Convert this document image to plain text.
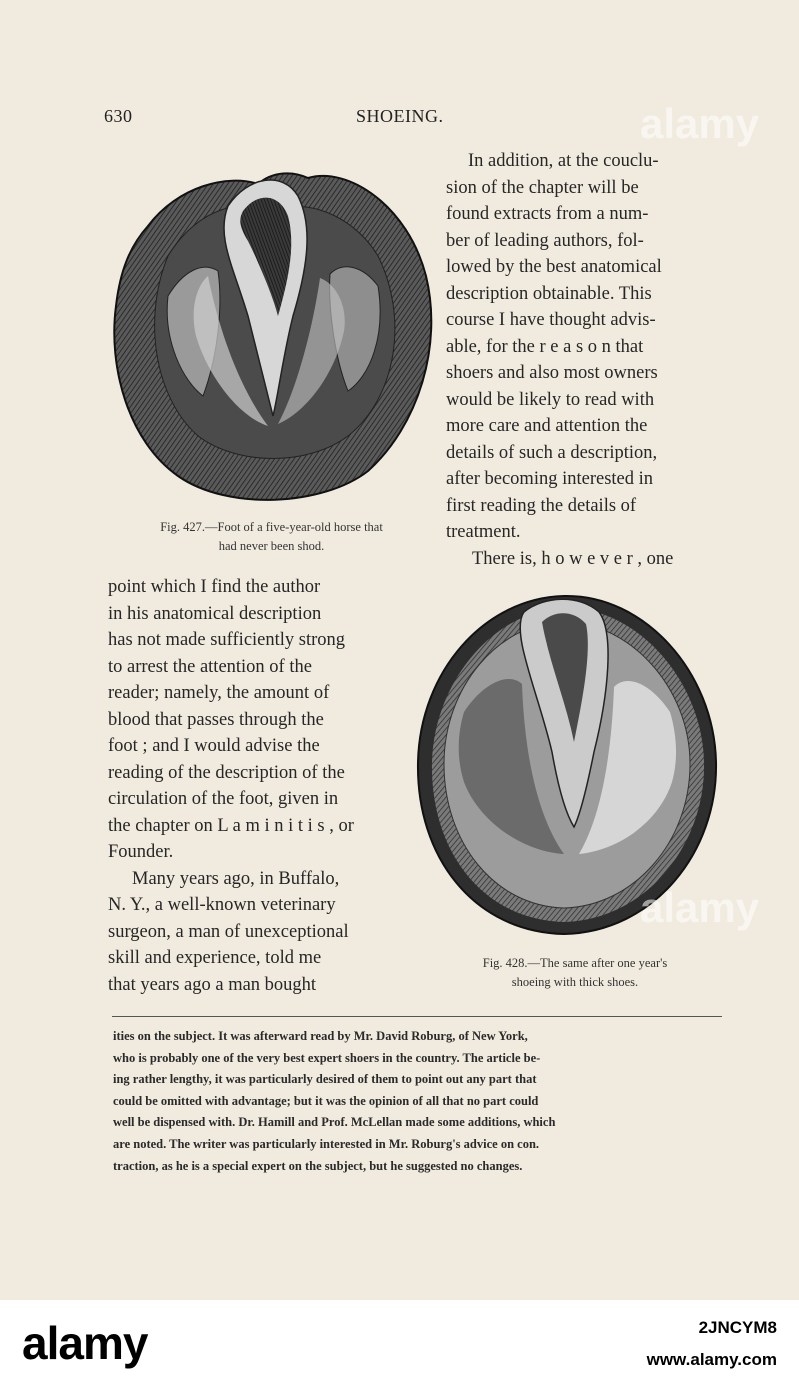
630	SHOEING.
Fig. 427.—Foot of a five-year-old horse that
had never been shod.
In addition, at the couclu-
sion of the chapter will be
found extracts from a num-
ber of leading authors, fol-
lowed by the best anatomical
description obtainable. This
course I have thought advis-
able, for the r e a s o n that
shoers and also most owners
would be likely to read with
more care and attention the
details of such a description,
after becoming interested in
first reading the details of
treatment.
There is, h o w e v e r , one
point which I find the author
in his anatomical description
has not made sufficiently strong
to arrest the attention of the
reader; namely, the amount of
blood that passes through the
foot ; and I would advise the
reading of the description of the
circulation of the foot, given in
the chapter on L a m i n i t i s , or
Founder.
Many years ago, in Buffalo,
N. Y., a well-known veterinary
surgeon, a man of unexceptional
skill and experience, told me
that years ago a man bought
Fig. 428.—The same after one year's
shoeing with thick shoes.
ities on the subject. It was afterward read by Mr. David Roburg, of New York,
who is probably one of the very best expert shoers in the country. The article be-
ing rather lengthy, it was particularly desired of them to point out any part that
could be omitted with advantage; but it was the opinion of all that no part could
well be dispensed with. Dr. Hamill and Prof. McLellan made some additions, which
are noted. The writer was particularly interested in Mr. Roburg's advice on con.
traction, as he is a special expert on the subject, but he suggested no changes.
alamy
alamy
alamy	2JNCYM8
www.alamy.com
